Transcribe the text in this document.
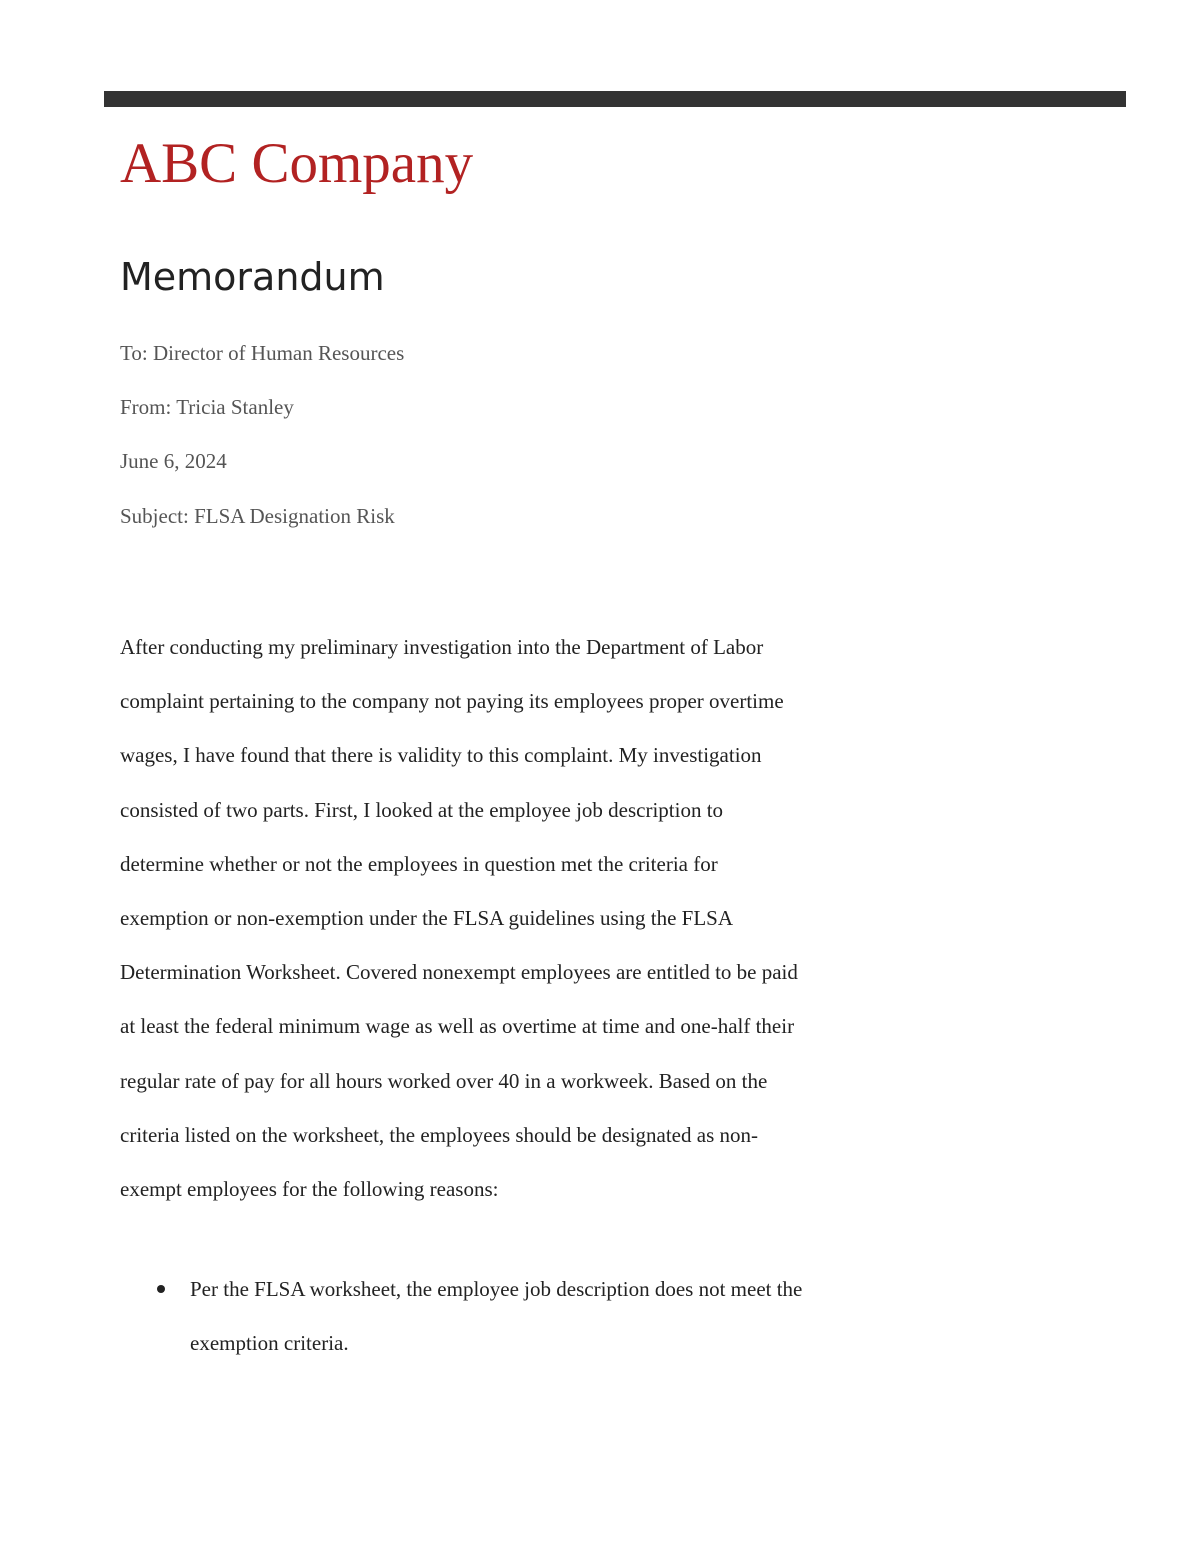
ABC Company
Memorandum

To: Director of Human Resources

From: Tricia Stanley

June 6, 2024

Subject: FLSA Designation Risk

After conducting my preliminary investigation into the Department of Labor
complaint pertaining to the company not paying its employees proper overtime
wages, I have found that there is validity to this complaint. My investigation
consisted of two parts. First, I looked at the employee job description to
determine whether or not the employees in question met the criteria for
exemption or non-exemption under the FLSA guidelines using the FLSA
Determination Worksheet. Covered nonexempt employees are entitled to be paid
at least the federal minimum wage as well as overtime at time and one-half their
regular rate of pay for all hours worked over 40 in a workweek. Based on the
criteria listed on the worksheet, the employees should be designated as non-
exempt employees for the following reasons:
Per the FLSA worksheet, the employee job description does not meet the
exemption criteria.
